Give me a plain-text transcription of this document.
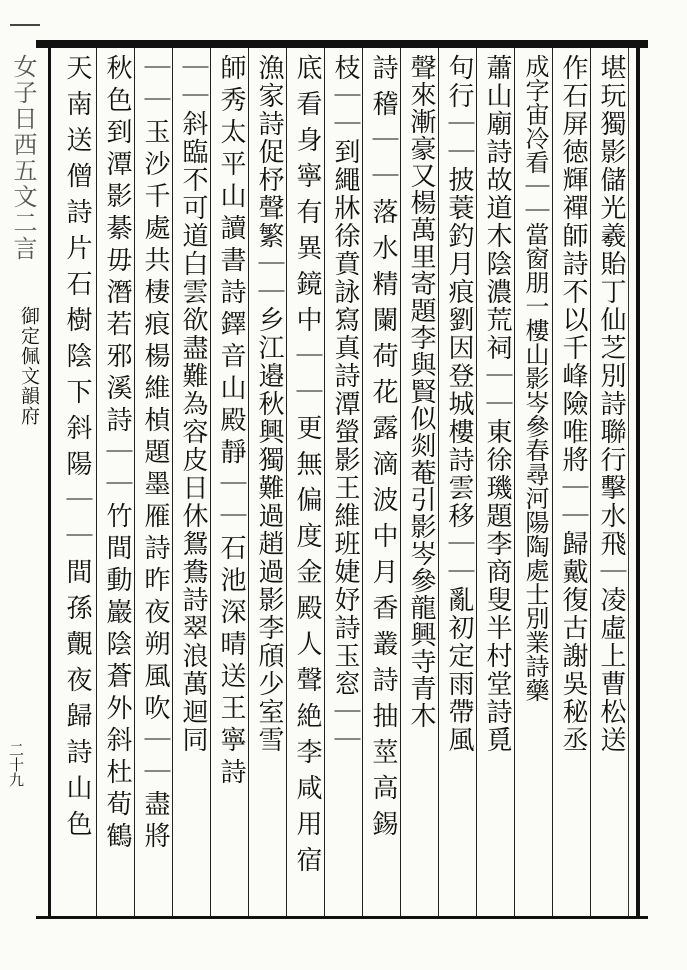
女子日西五文二言
御定佩文韻府
二十九
堪玩獨影儲光羲貽丁仙芝別詩聯行擊水飛｜凌虛上曹松送
作石屏徳輝禪師詩不以千峰險唯將｜｜歸戴復古謝吳秘丞
成字宙冷看｜｜當窗朋一樓山影岑參春尋河陽陶處士別業詩藥
蕭山廟詩故道木陰濃荒祠｜｜東徐璣題李商叟半村堂詩覓
句行｜｜披蓑釣月痕劉因登城樓詩雲移｜｜亂初定雨帶風
聲來漸豪又楊萬里寄題李與賢似剡菴引影岑參龍興寺青木
詩稽｜｜落水精闌荷花露滴波中月香叢詩抽莖高錫
枝｜｜到繩牀徐賁詠寫真詩潭螢影王維班婕妤詩玉窓｜｜
底看身寧有異鏡中｜｜更無偏度金殿人聲絶李咸用宿
漁家詩促杼聲繁｜｜乡江邉秋興獨難過趙過影李頎少室雪
師秀太平山讀書詩鐸音山殿靜｜｜石池深晴送王寧詩
｜｜斜臨不可道白雲欲盡難為容皮日休鴛鴦詩翠浪萬迴同
｜｜玉沙千處共棲痕楊維楨題墨雁詩昨夜朔風吹｜｜盡將
秋色到潭影綦毋潛若邪溪詩｜｜竹間動巖陰蒼外斜杜荀鶴
天南送僧詩片石樹陰下斜陽｜｜間孫覿夜歸詩山色
